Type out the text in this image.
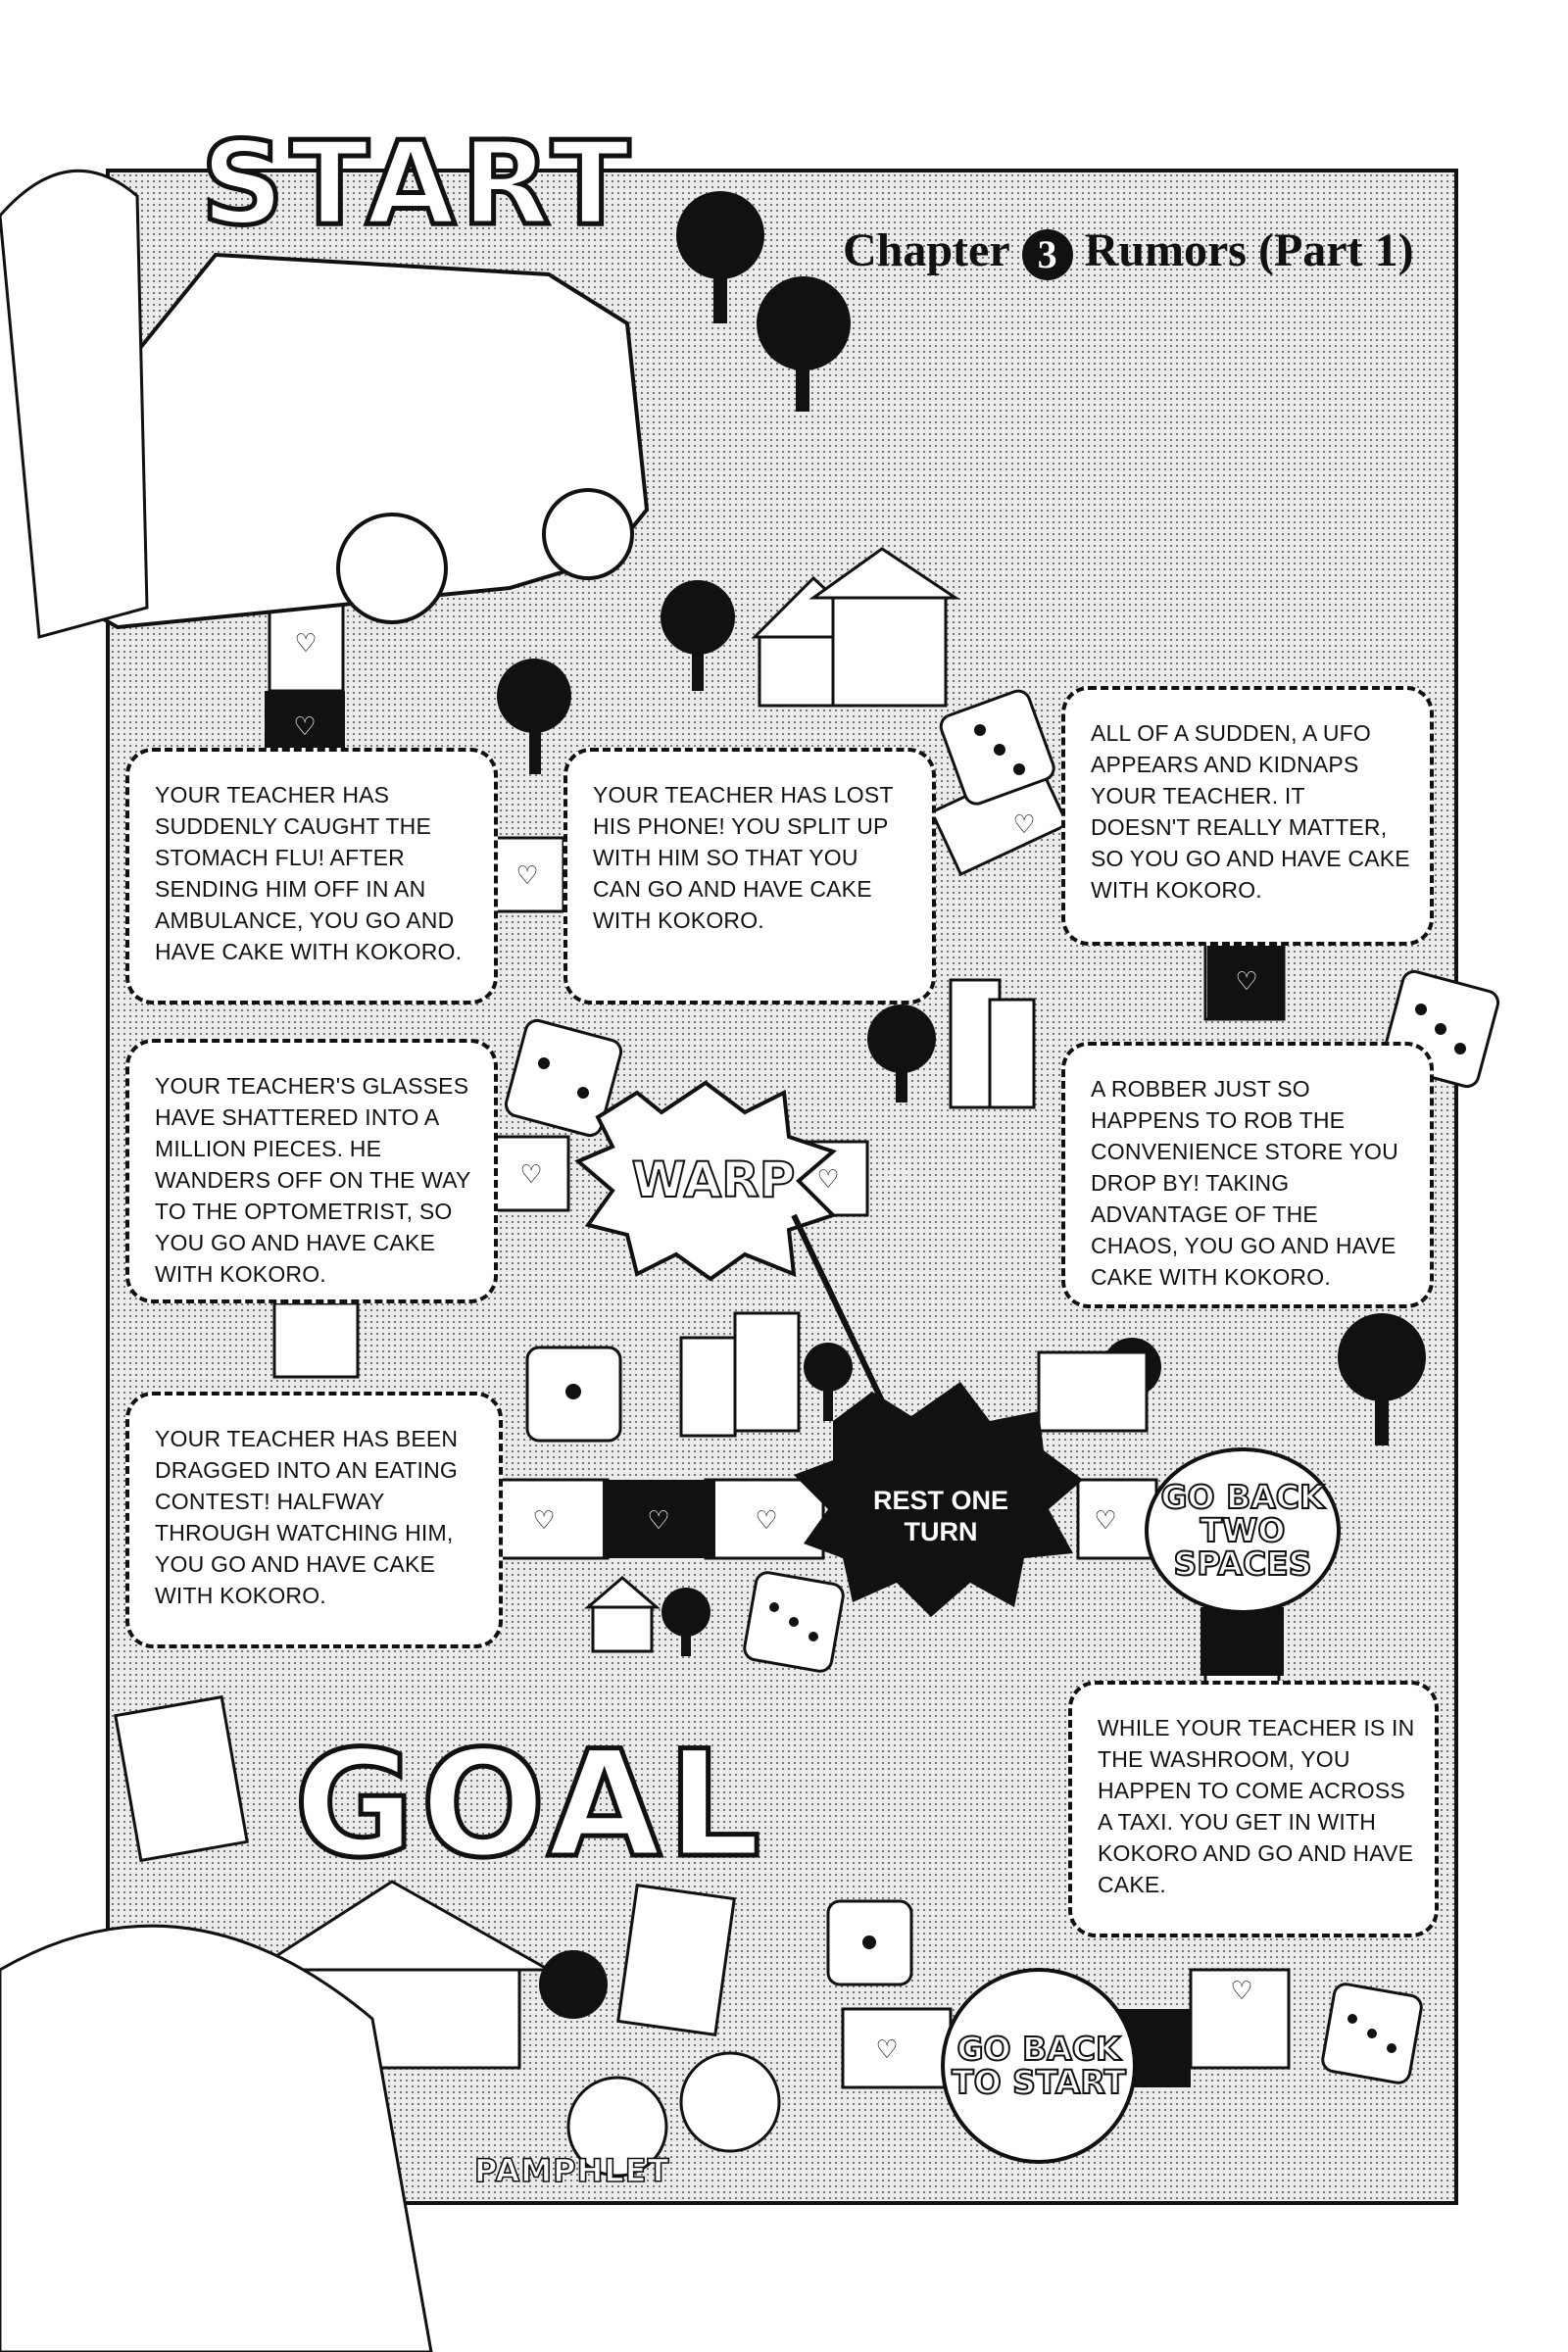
♡
♡
♡
♡
♡
♡	♡
♡
♡
♡	♡	♡	♡
♡
♡
START	Chapter 3 Rumors (Part 1)
YOUR TEACHER HAS SUDDENLY CAUGHT THE STOMACH FLU! AFTER SENDING HIM OFF IN AN AMBULANCE, YOU GO AND HAVE CAKE WITH KOKORO.
YOUR TEACHER HAS LOST HIS PHONE! YOU SPLIT UP WITH HIM SO THAT YOU CAN GO AND HAVE CAKE WITH KOKORO.
ALL OF A SUDDEN, A UFO APPEARS AND KIDNAPS YOUR TEACHER. IT DOESN'T REALLY MATTER, SO YOU GO AND HAVE CAKE WITH KOKORO.
YOUR TEACHER'S GLASSES HAVE SHATTERED INTO A MILLION PIECES. HE WANDERS OFF ON THE WAY TO THE OPTOMETRIST, SO YOU GO AND HAVE CAKE WITH KOKORO.
A ROBBER JUST SO HAPPENS TO ROB THE CONVENIENCE STORE YOU DROP BY! TAKING ADVANTAGE OF THE CHAOS, YOU GO AND HAVE CAKE WITH KOKORO.
YOUR TEACHER HAS BEEN DRAGGED INTO AN EATING CONTEST! HALFWAY THROUGH WATCHING HIM, YOU GO AND HAVE CAKE WITH KOKORO.
WHILE YOUR TEACHER IS IN THE WASHROOM, YOU HAPPEN TO COME ACROSS A TAXI. YOU GET IN WITH KOKORO AND GO AND HAVE CAKE.
WARP
REST ONE TURN
GO BACK TWO SPACES
GO BACK TO START
GOAL
PAMPHLET
